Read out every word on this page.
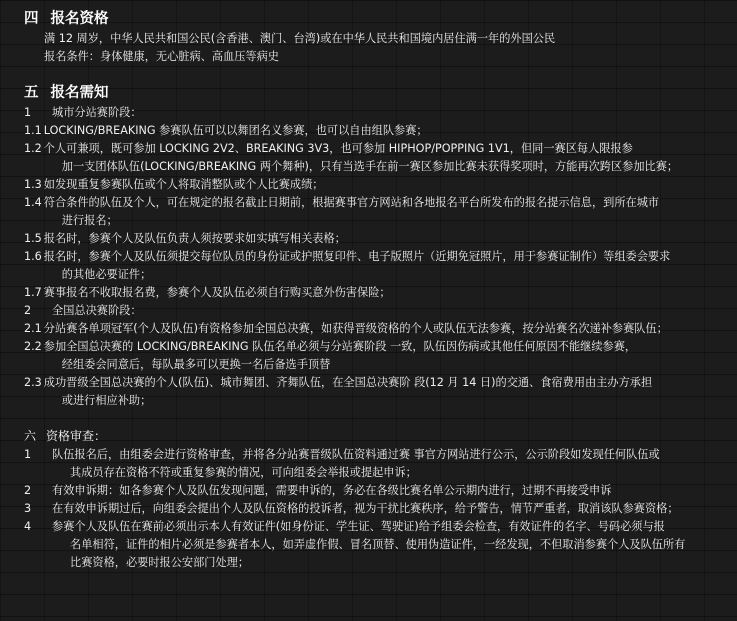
四 报名资格
满 12 周岁，中华人民共和国公民(含香港、澳门、台湾)或在中华人民共和国境内居住满一年的外国公民
报名条件：身体健康，无心脏病、高血压等病史
五 报名需知
1	城市分站赛阶段：
1.1 LOCKING/BREAKING 参赛队伍可以以舞团名义参赛，也可以自由组队参赛；
1.2 个人可兼项，既可参加 LOCKING 2V2、BREAKING 3V3，也可参加 HIPHOP/POPPING 1V1，但同一赛区每人限报参
加一支团体队伍(LOCKING/BREAKING 两个舞种)，只有当选手在前一赛区参加比赛未获得奖项时，方能再次跨区参加比赛；
1.3 如发现重复参赛队伍或个人将取消整队或个人比赛成绩；
1.4 符合条件的队伍及个人，可在规定的报名截止日期前，根据赛事官方网站和各地报名平台所发布的报名提示信息，到所在城市
进行报名；
1.5 报名时，参赛个人及队伍负责人须按要求如实填写相关表格；
1.6 报名时，参赛个人及队伍须提交每位队员的身份证或护照复印件、电子版照片（近期免冠照片，用于参赛证制作）等组委会要求
的其他必要证件；
1.7 赛事报名不收取报名费，参赛个人及队伍必须自行购买意外伤害保险；
2	全国总决赛阶段：
2.1 分站赛各单项冠军(个人及队伍)有资格参加全国总决赛，如获得晋级资格的个人或队伍无法参赛，按分站赛名次递补参赛队伍；
2.2 参加全国总决赛的 LOCKING/BREAKING 队伍名单必须与分站赛阶段 一致，队伍因伤病或其他任何原因不能继续参赛，
经组委会同意后，每队最多可以更换一名后备选手顶替
2.3 成功晋级全国总决赛的个人(队伍)、城市舞团、齐舞队伍，在全国总决赛阶 段(12 月 14 日)的交通、食宿费用由主办方承担
或进行相应补助；
六 资格审查：
1	队伍报名后，由组委会进行资格审查，并将各分站赛晋级队伍资料通过赛 事官方网站进行公示，公示阶段如发现任何队伍或
其成员存在资格不符或重复参赛的情况，可向组委会举报或提起申诉；
2	有效申诉期：如各参赛个人及队伍发现问题，需要申诉的，务必在各级比赛名单公示期内进行，过期不再接受申诉
3	在有效申诉期过后，向组委会提出个人及队伍资格的投诉者，视为干扰比赛秩序，给予警告，情节严重者，取消该队参赛资格；
4	参赛个人及队伍在赛前必须出示本人有效证件(如身份证、学生证、驾驶证)给予组委会检查，有效证件的名字、号码必须与报
名单相符，证件的相片必须是参赛者本人，如弄虚作假、冒名顶替、使用伪造证件，一经发现，不但取消参赛个人及队伍所有
比赛资格，必要时报公安部门处理；
